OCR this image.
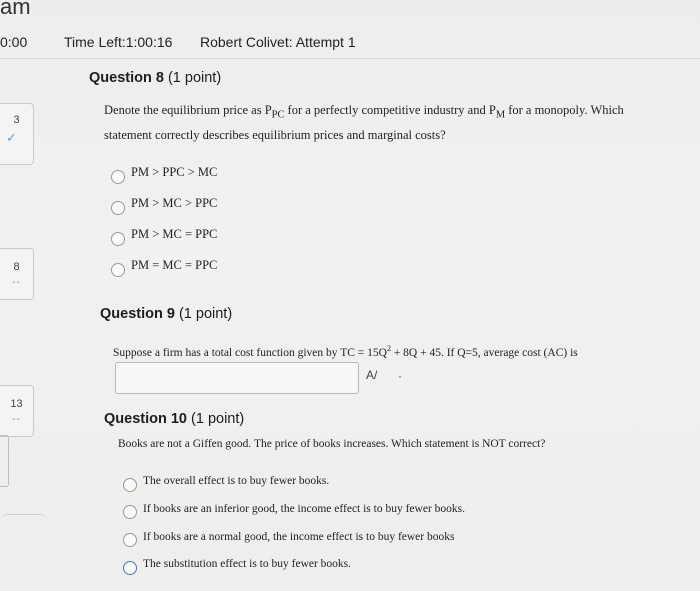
am
0:00	Time Left:1:00:16 Robert Colivet: Attempt 1
3
✓
8
--
13
--
Question 8 (1 point)
Denote the equilibrium price as $P_{PC}$ for a perfectly competitive industry and $P_M$ for a monopoly. Which
statement correctly describes equilibrium prices and marginal costs?
PM > PPC > MC
PM > MC > PPC
PM > MC = PPC
PM = MC = PPC
Question 9 (1 point)
Suppose a firm has a total cost function given by TC = $15Q^2 + 8Q + 45$. If Q=5, average cost (AC) is
A/ ·
Question 10 (1 point)
Books are not a Giffen good. The price of books increases. Which statement is NOT correct?
The overall effect is to buy fewer books.
If books are an inferior good, the income effect is to buy fewer books.
If books are a normal good, the income effect is to buy fewer books
The substitution effect is to buy fewer books.
